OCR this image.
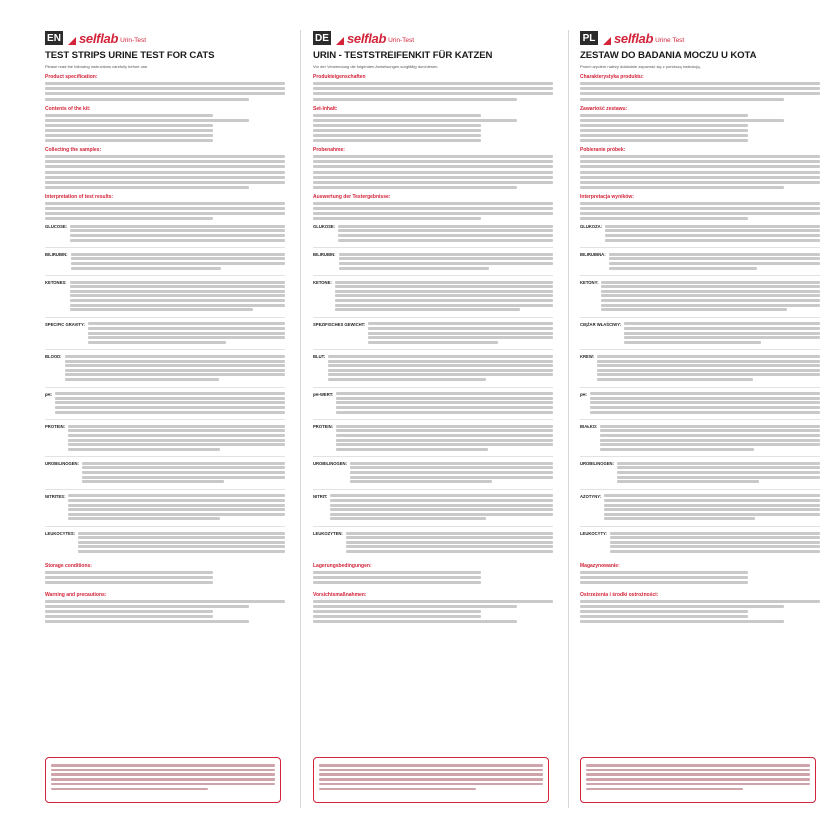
EN selflab Urin-Test
TEST STRIPS URINE TEST FOR CATS
Please read the following instructions carefully before use.
Product specification:
Contents of the kit:
Collecting the samples:
Interpretation of test results:
GLUCOSE:
BILIRUBIN:
KETONES:
SPECIFIC GRAVITY:
BLOOD:
pH:
PROTEIN:
UROBILINOGEN:
NITRITES:
LEUKOCYTES:
Storage conditions:
Warning and precautions:
DE selflab Urin-Test
URIN - TESTSTREIFENKIT FÜR KATZEN
Vor der Verwendung die folgenden Anweisungen sorgfältig durchlesen.
Produkteigenschaften
Set-Inhalt:
Probenahme:
Auswertung der Testergebnisse:
GLUKOSE:
BILIRUBIN:
KETONE:
SPEZIFISCHES GEWICHT:
BLUT:
pH-WERT:
PROTEIN:
UROBILINOGEN:
NITRIT:
LEUKOZYTEN:
Lagerungsbedingungen:
Vorsichtsmaßnahmen:
PL selflab Urine Test
ZESTAW DO BADANIA MOCZU U KOTA
Przed użyciem należy dokładnie zapoznać się z poniższą instrukcją.
Charakterystyka produktu:
Zawartość zestawu:
Pobieranie próbek:
Interpretacja wyników:
GLUKOZA:
BILIRUBINA:
KETONY:
CIĘŻAR WŁAŚCIWY:
KREW:
pH:
BIAŁKO:
UROBILINOGEN:
AZOTYNY:
LEUKOCYTY:
Magazynowanie:
Ostrzeżenia i środki ostrożności:
